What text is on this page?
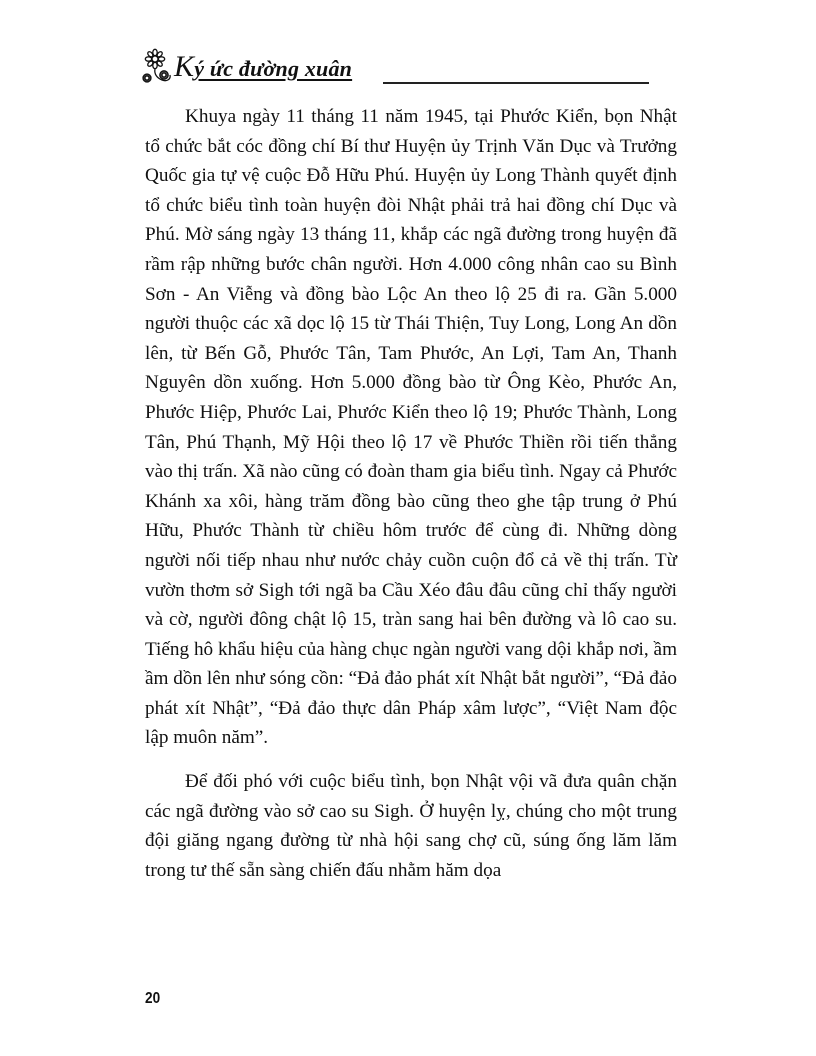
Ký ức đường xuân

Khuya ngày 11 tháng 11 năm 1945, tại Phước Kiển, bọn Nhật tổ chức bắt cóc đồng chí Bí thư Huyện ủy Trịnh Văn Dục và Trưởng Quốc gia tự vệ cuộc Đỗ Hữu Phú. Huyện ủy Long Thành quyết định tổ chức biểu tình toàn huyện đòi Nhật phải trả hai đồng chí Dục và Phú. Mờ sáng ngày 13 tháng 11, khắp các ngã đường trong huyện đã rầm rập những bước chân người. Hơn 4.000 công nhân cao su Bình Sơn - An Viễng và đồng bào Lộc An theo lộ 25 đi ra. Gần 5.000 người thuộc các xã dọc lộ 15 từ Thái Thiện, Tuy Long, Long An dồn lên, từ Bến Gỗ, Phước Tân, Tam Phước, An Lợi, Tam An, Thanh Nguyên dồn xuống. Hơn 5.000 đồng bào từ Ông Kèo, Phước An, Phước Hiệp, Phước Lai, Phước Kiển theo lộ 19; Phước Thành, Long Tân, Phú Thạnh, Mỹ Hội theo lộ 17 về Phước Thiền rồi tiến thẳng vào thị trấn. Xã nào cũng có đoàn tham gia biểu tình. Ngay cả Phước Khánh xa xôi, hàng trăm đồng bào cũng theo ghe tập trung ở Phú Hữu, Phước Thành từ chiều hôm trước để cùng đi. Những dòng người nối tiếp nhau như nước chảy cuồn cuộn đổ cả về thị trấn. Từ vườn thơm sở Sigh tới ngã ba Cầu Xéo đâu đâu cũng chỉ thấy người và cờ, người đông chật lộ 15, tràn sang hai bên đường và lô cao su. Tiếng hô khẩu hiệu của hàng chục ngàn người vang dội khắp nơi, ầm ầm dồn lên như sóng cồn: “Đả đảo phát xít Nhật bắt người”, “Đả đảo phát xít Nhật”, “Đả đảo thực dân Pháp xâm lược”, “Việt Nam độc lập muôn năm”.

Để đối phó với cuộc biểu tình, bọn Nhật vội vã đưa quân chặn các ngã đường vào sở cao su Sigh. Ở huyện lỵ, chúng cho một trung đội giăng ngang đường từ nhà hội sang chợ cũ, súng ống lăm lăm trong tư thế sẵn sàng chiến đấu nhằm hăm dọa

20
